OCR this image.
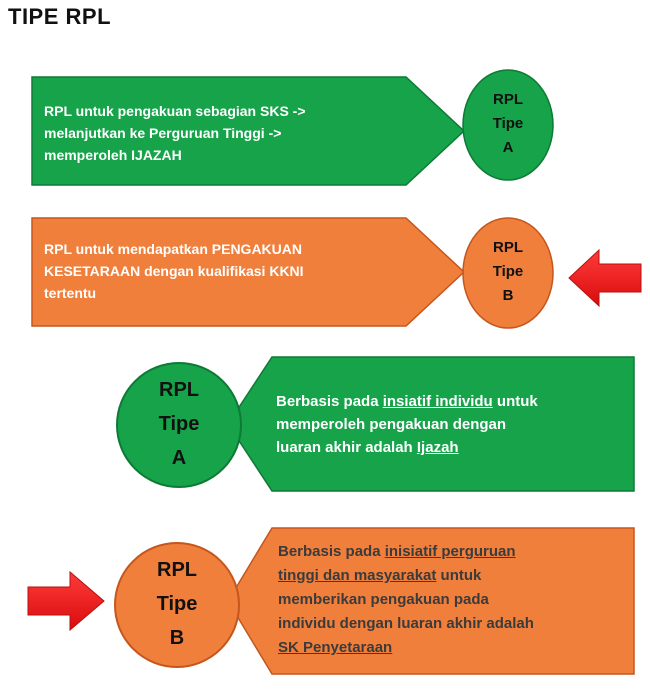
TIPE RPL
RPL untuk pengakuan sebagian SKS ->
melanjutkan ke Perguruan Tinggi ->
memperoleh IJAZAH
RPL
Tipe
A
RPL untuk mendapatkan PENGAKUAN
KESETARAAN dengan kualifikasi KKNI
tertentu
RPL
Tipe
B
RPL
Tipe
A
Berbasis pada insiatif individu untuk
memperoleh pengakuan dengan
luaran akhir adalah Ijazah
RPL
Tipe
B
Berbasis pada inisiatif perguruan
tinggi dan masyarakat untuk
memberikan pengakuan pada
individu dengan luaran akhir adalah
SK Penyetaraan
